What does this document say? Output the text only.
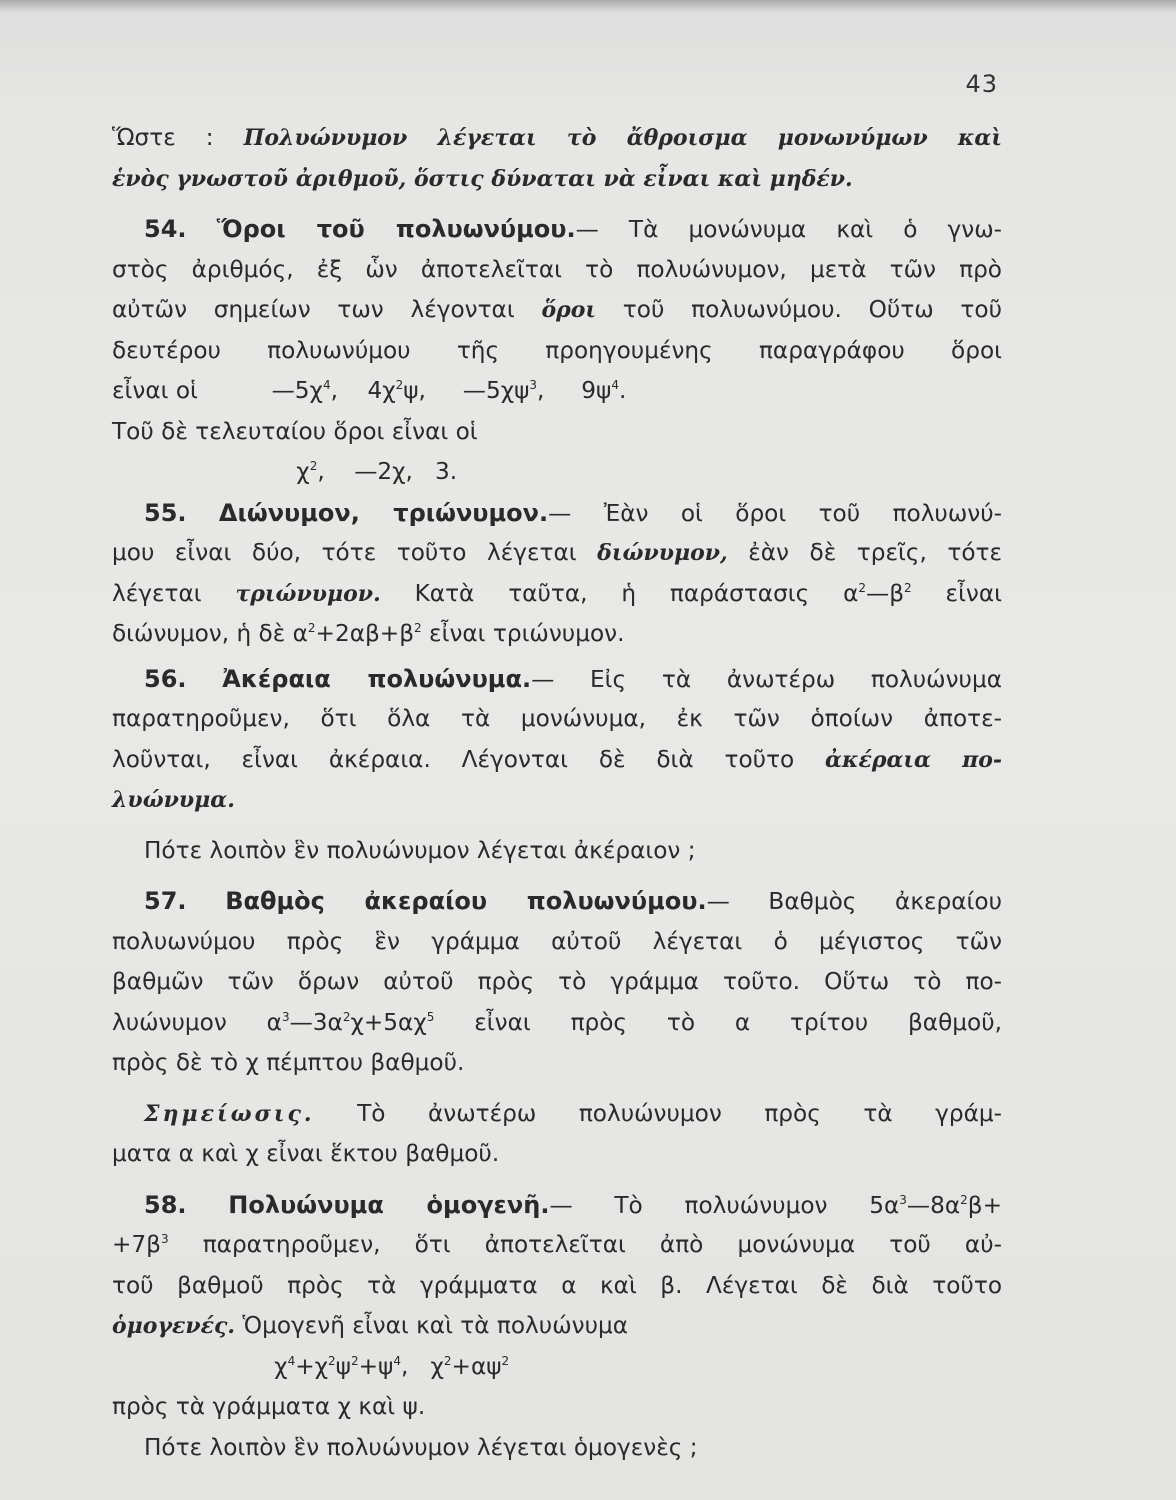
43
Ὥστε : Πολυώνυμον λέγεται τὸ ἄθροισμα μονωνύμων καὶ
ἑνὸς γνωστοῦ ἀριθμοῦ, ὅστις δύναται νὰ εἶναι καὶ μηδέν.
54. Ὅροι τοῦ πολυωνύμου.— Τὰ μονώνυμα καὶ ὁ γνω-
στὸς ἀριθμός, ἐξ ὧν ἀποτελεῖται τὸ πολυώνυμον, μετὰ τῶν πρὸ
αὐτῶν σημείων των λέγονται ὅροι τοῦ πολυωνύμου. Οὕτω τοῦ
δευτέρου πολυωνύμου τῆς προηγουμένης παραγράφου ὅροι
εἶναι οἱ	$—5\chi^4$,    $4\chi^2\psi$, $—5\chi\psi^3$, $9\psi^4$.
Τοῦ δὲ τελευταίου ὅροι εἶναι οἱ
$\chi^2$, —2χ, 3.
55. Διώνυμον, τριώνυμον.— Ἐὰν οἱ ὅροι τοῦ πολυωνύ-
μου εἶναι δύο, τότε τοῦτο λέγεται διώνυμον, ἐὰν δὲ τρεῖς, τότε
λέγεται τριώνυμον. Κατὰ ταῦτα, ἡ παράστασις $\alpha^2—\beta^2$ εἶναι
διώνυμον, ἡ δὲ $\alpha^2+2\alpha\beta+\beta^2$ εἶναι τριώνυμον.
56. Ἀκέραια πολυώνυμα.— Εἰς τὰ ἀνωτέρω πολυώνυμα
παρατηροῦμεν, ὅτι ὅλα τὰ μονώνυμα, ἐκ τῶν ὁποίων ἀποτε-
λοῦνται, εἶναι ἀκέραια. Λέγονται δὲ διὰ τοῦτο ἀκέραια πο-
λυώνυμα.
Πότε λοιπὸν ἓν πολυώνυμον λέγεται ἀκέραιον ;
57. Βαθμὸς ἀκεραίου πολυωνύμου.— Βαθμὸς ἀκεραίου
πολυωνύμου πρὸς ἓν γράμμα αὐτοῦ λέγεται ὁ μέγιστος τῶν
βαθμῶν τῶν ὅρων αὐτοῦ πρὸς τὸ γράμμα τοῦτο. Οὕτω τὸ πο-
λυώνυμον $\alpha^3—3\alpha^2\chi+5\alpha\chi^5$ εἶναι πρὸς τὸ α τρίτου βαθμοῦ,
πρὸς δὲ τὸ χ πέμπτου βαθμοῦ.
Σημείωσις. Τὸ ἀνωτέρω πολυώνυμον πρὸς τὰ γράμ-
ματα α καὶ χ εἶναι ἕκτου βαθμοῦ.
58. Πολυώνυμα ὁμογενῆ.— Τὸ πολυώνυμον $5\alpha^3—8\alpha^2\beta+$
$+7\beta^3$ παρατηροῦμεν, ὅτι ἀποτελεῖται ἀπὸ μονώνυμα τοῦ αὐ-
τοῦ βαθμοῦ πρὸς τὰ γράμματα α καὶ β. Λέγεται δὲ διὰ τοῦτο
ὁμογενές. Ὁμογενῆ εἶναι καὶ τὰ πολυώνυμα
$\chi^4+\chi^2\psi^2+\psi^4$, $\chi^2+\alpha\psi^2$
πρὸς τὰ γράμματα χ καὶ ψ.
Πότε λοιπὸν ἓν πολυώνυμον λέγεται ὁμογενὲς ;
